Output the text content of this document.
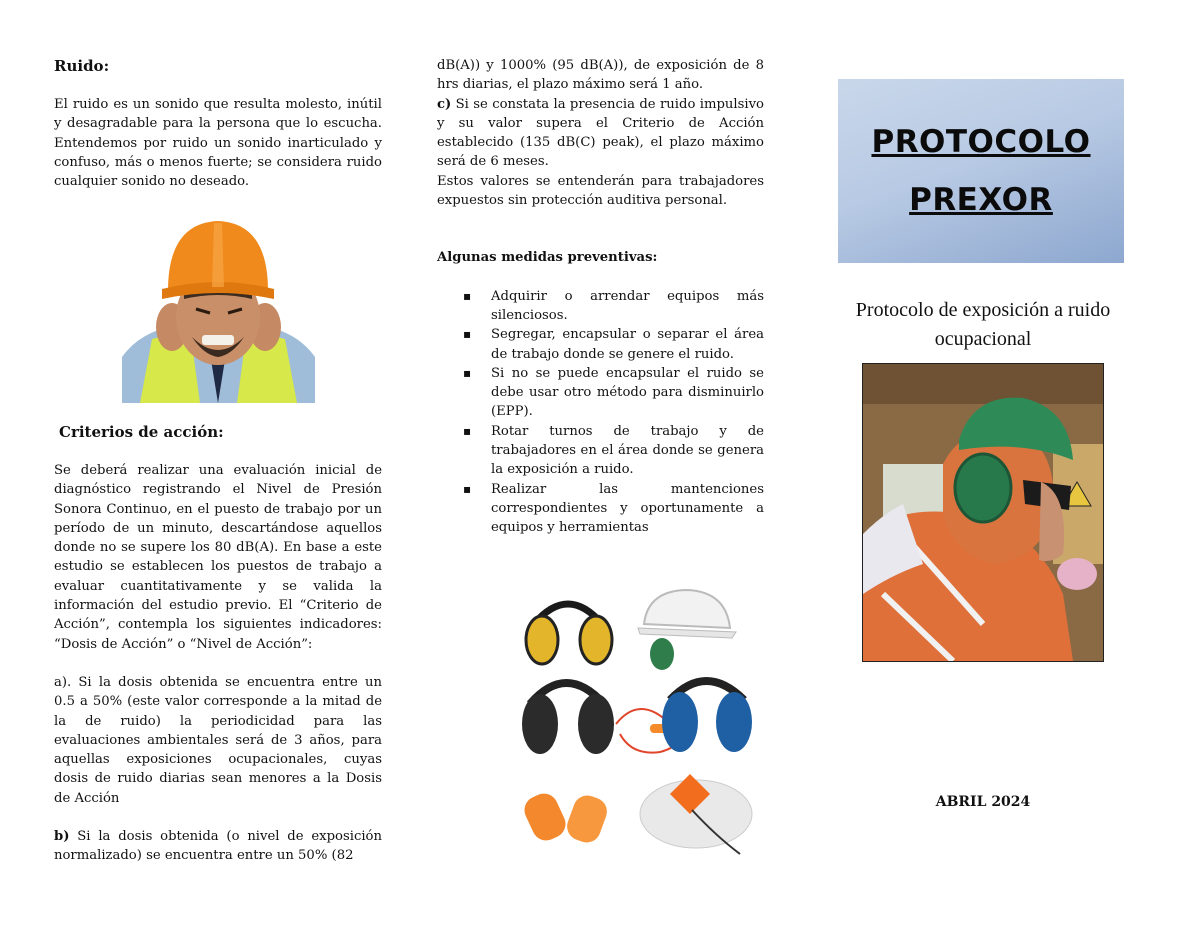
Ruido:

El ruido es un sonido que resulta molesto, inútil y desagradable para la persona que lo escucha. Entendemos por ruido un sonido inarticulado y confuso, más o menos fuerte; se considera ruido cualquier sonido no deseado.

Criterios de acción:

Se deberá realizar una evaluación inicial de diagnóstico registrando el Nivel de Presión Sonora Continuo, en el puesto de trabajo por un período de un minuto, descartándose aquellos donde no se supere los 80 dB(A). En base a este estudio se establecen los puestos de trabajo a evaluar cuantitativamente y se valida la información del estudio previo. El “Criterio de Acción”, contempla los siguientes indicadores: “Dosis de Acción” o “Nivel de Acción”:

a). Si la dosis obtenida se encuentra entre un 0.5 a 50% (este valor corresponde a la mitad de la de ruido) la periodicidad para las evaluaciones ambientales será de 3 años, para aquellas exposiciones ocupacionales, cuyas dosis de ruido diarias sean menores a la Dosis de Acción

b) Si la dosis obtenida (o nivel de exposición normalizado) se encuentra entre un 50% (82

dB(A)) y 1000% (95 dB(A)), de exposición de 8 hrs diarias, el plazo máximo será 1 año.

c) Si se constata la presencia de ruido impulsivo y su valor supera el Criterio de Acción establecido (135 dB(C) peak), el plazo máximo será de 6 meses.

Estos valores se entenderán para trabajadores expuestos sin protección auditiva personal.

Algunas medidas preventivas:

▪ Adquirir o arrendar equipos más silenciosos.
▪ Segregar, encapsular o separar el área de trabajo donde se genere el ruido.
▪ Si no se puede encapsular el ruido se debe usar otro método para disminuirlo (EPP).
▪ Rotar turnos de trabajo y de trabajadores en el área donde se genera la exposición a ruido.
▪ Realizar las mantenciones correspondientes y oportunamente a equipos y herramientas
PROTOCOLO
PREXOR
Protocolo de exposición a ruido ocupacional
ABRIL 2024
